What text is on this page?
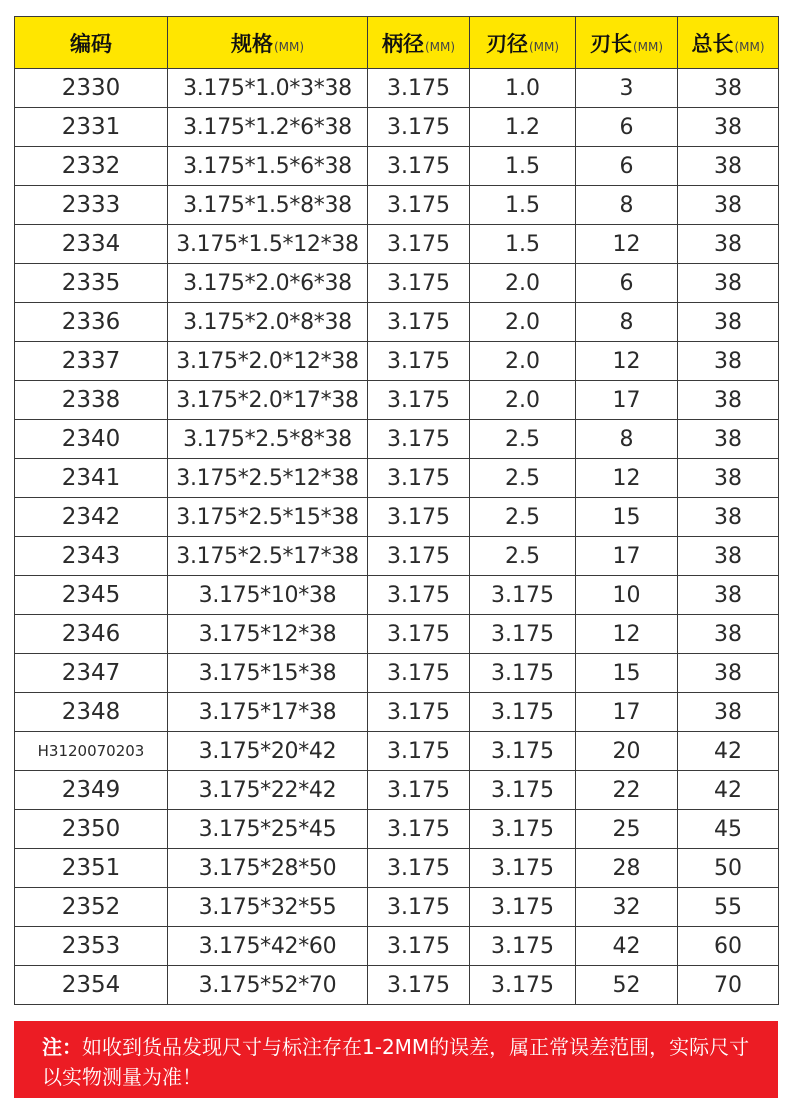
编码	规格(MM)	柄径(MM)	刃径(MM)	刃长(MM)	总长(MM)
2330	3.175*1.0*3*38	3.175	1.0	3	38
2331	3.175*1.2*6*38	3.175	1.2	6	38
2332	3.175*1.5*6*38	3.175	1.5	6	38
2333	3.175*1.5*8*38	3.175	1.5	8	38
2334	3.175*1.5*12*38	3.175	1.5	12	38
2335	3.175*2.0*6*38	3.175	2.0	6	38
2336	3.175*2.0*8*38	3.175	2.0	8	38
2337	3.175*2.0*12*38	3.175	2.0	12	38
2338	3.175*2.0*17*38	3.175	2.0	17	38
2340	3.175*2.5*8*38	3.175	2.5	8	38
2341	3.175*2.5*12*38	3.175	2.5	12	38
2342	3.175*2.5*15*38	3.175	2.5	15	38
2343	3.175*2.5*17*38	3.175	2.5	17	38
2345	3.175*10*38	3.175	3.175	10	38
2346	3.175*12*38	3.175	3.175	12	38
2347	3.175*15*38	3.175	3.175	15	38
2348	3.175*17*38	3.175	3.175	17	38
H3120070203	3.175*20*42	3.175	3.175	20	42
2349	3.175*22*42	3.175	3.175	22	42
2350	3.175*25*45	3.175	3.175	25	45
2351	3.175*28*50	3.175	3.175	28	50
2352	3.175*32*55	3.175	3.175	32	55
2353	3.175*42*60	3.175	3.175	42	60
2354	3.175*52*70	3.175	3.175	52	70
注：如收到货品发现尺寸与标注存在1-2MM的误差，属正常误差范围，实际尺寸以实物测量为准！
